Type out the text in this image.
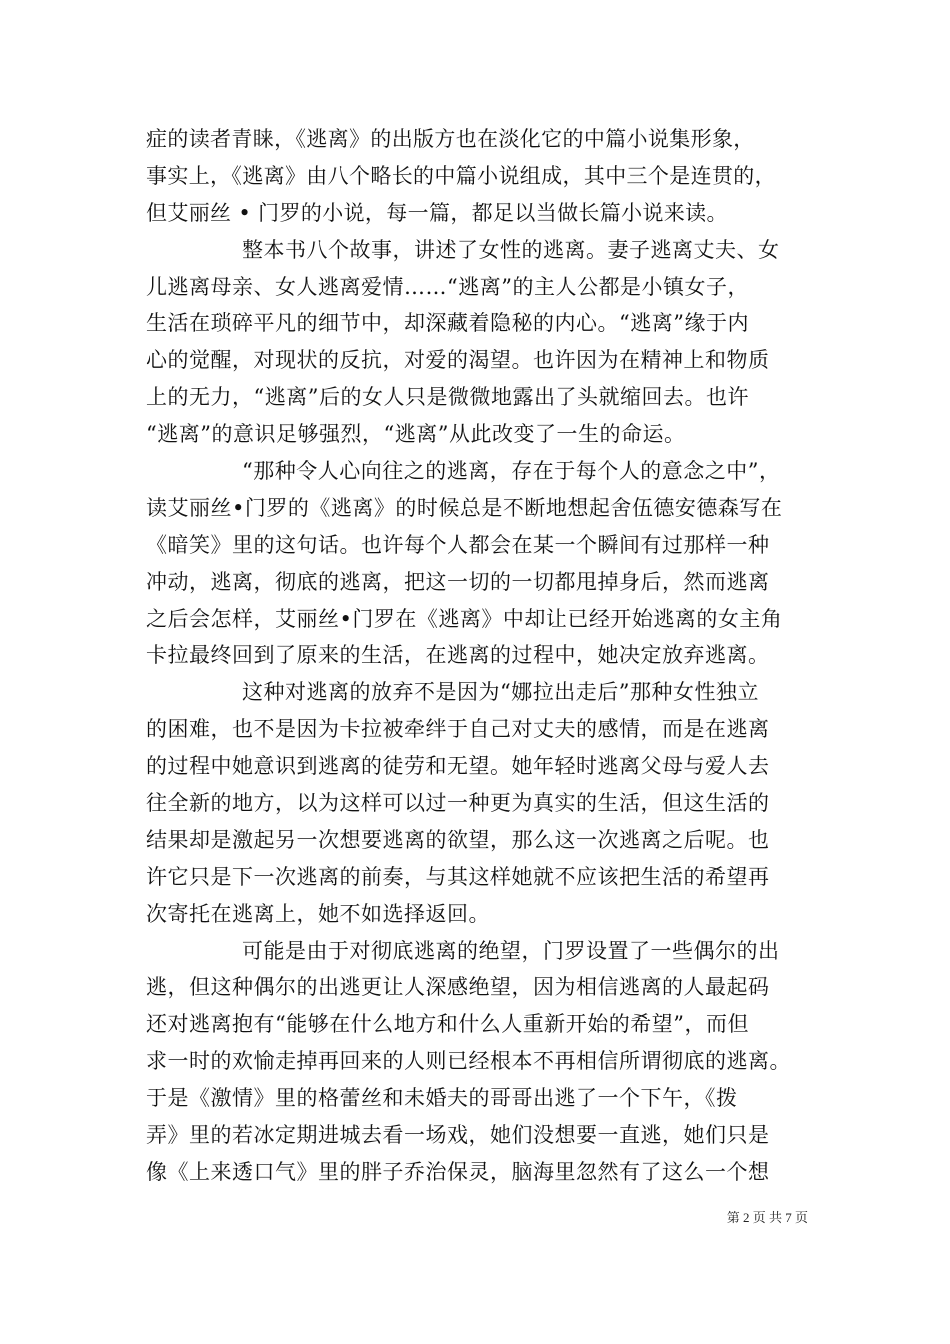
症的读者青睐，《逃离》的出版方也在淡化它的中篇小说集形象，
事实上，《逃离》由八个略长的中篇小说组成，其中三个是连贯的，
但艾丽丝 • 门罗的小说，每一篇，都足以当做长篇小说来读。
整本书八个故事，讲述了女性的逃离。妻子逃离丈夫、女
儿逃离母亲、女人逃离爱情……“逃离”的主人公都是小镇女子，
生活在琐碎平凡的细节中，却深藏着隐秘的内心。“逃离”缘于内
心的觉醒，对现状的反抗，对爱的渴望。也许因为在精神上和物质
上的无力，“逃离”后的女人只是微微地露出了头就缩回去。也许
“逃离”的意识足够强烈，“逃离”从此改变了一生的命运。
“那种令人心向往之的逃离，存在于每个人的意念之中”，
读艾丽丝•门罗的《逃离》的时候总是不断地想起舍伍德安德森写在
《暗笑》里的这句话。也许每个人都会在某一个瞬间有过那样一种
冲动，逃离，彻底的逃离，把这一切的一切都甩掉身后，然而逃离
之后会怎样，艾丽丝•门罗在《逃离》中却让已经开始逃离的女主角
卡拉最终回到了原来的生活，在逃离的过程中，她决定放弃逃离。
这种对逃离的放弃不是因为“娜拉出走后”那种女性独立
的困难，也不是因为卡拉被牵绊于自己对丈夫的感情，而是在逃离
的过程中她意识到逃离的徒劳和无望。她年轻时逃离父母与爱人去
往全新的地方，以为这样可以过一种更为真实的生活，但这生活的
结果却是激起另一次想要逃离的欲望，那么这一次逃离之后呢。也
许它只是下一次逃离的前奏，与其这样她就不应该把生活的希望再
次寄托在逃离上，她不如选择返回。
可能是由于对彻底逃离的绝望，门罗设置了一些偶尔的出
逃，但这种偶尔的出逃更让人深感绝望，因为相信逃离的人最起码
还对逃离抱有“能够在什么地方和什么人重新开始的希望”，而但
求一时的欢愉走掉再回来的人则已经根本不再相信所谓彻底的逃离。
于是《激情》里的格蕾丝和未婚夫的哥哥出逃了一个下午，《拨
弄》里的若冰定期进城去看一场戏，她们没想要一直逃，她们只是
像《上来透口气》里的胖子乔治保灵，脑海里忽然有了这么一个想
第 2 页 共 7 页
